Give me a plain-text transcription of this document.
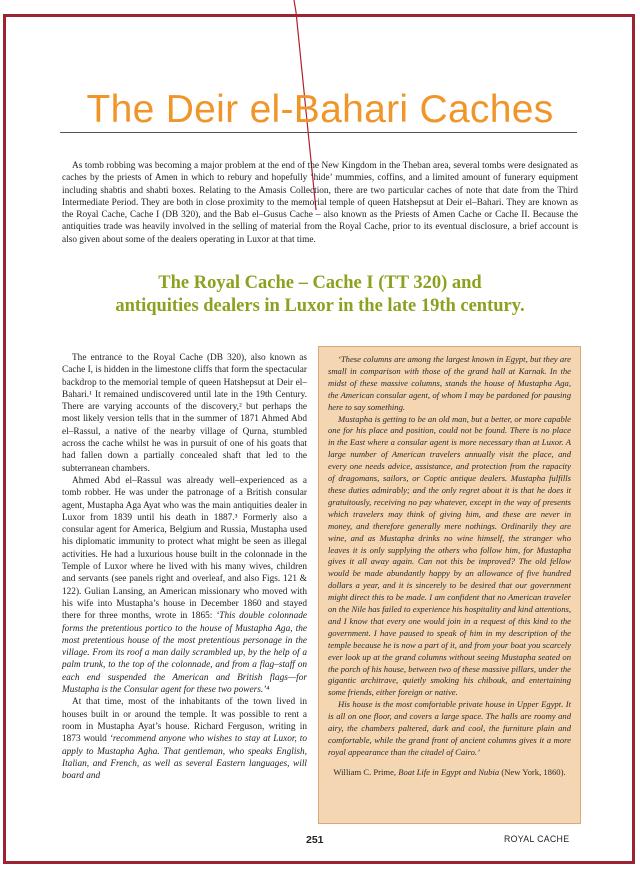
The Deir el-Bahari Caches

As tomb robbing was becoming a major problem at the end of the New Kingdom in the Theban area, several tombs were designated as caches by the priests of Amen in which to rebury and hopefully ‘hide’ mummies, coffins, and a limited amount of funerary equipment including shabtis and shabti boxes. Relating to the Amasis Collection, there are two particular caches of note that date from the Third Intermediate Period. They are both in close proximity to the memorial temple of queen Hatshepsut at Deir el–Bahari. They are known as the Royal Cache, Cache I (DB 320), and the Bab el–Gusus Cache – also known as the Priests of Amen Cache or Cache II. Because the antiquities trade was heavily involved in the selling of material from the Royal Cache, prior to its eventual disclosure, a brief account is also given about some of the dealers operating in Luxor at that time.

The Royal Cache – Cache I (TT 320) and
antiquities dealers in Luxor in the late 19th century.

The entrance to the Royal Cache (DB 320), also known as Cache I, is hidden in the limestone cliffs that form the spectacular backdrop to the memorial temple of queen Hatshepsut at Deir el–Bahari.¹ It remained undiscovered until late in the 19th Century. There are varying accounts of the discovery,² but perhaps the most likely version tells that in the summer of 1871 Ahmed Abd el–Rassul, a native of the nearby village of Qurna, stumbled across the cache whilst he was in pursuit of one of his goats that had fallen down a partially concealed shaft that led to the subterranean chambers.

Ahmed Abd el–Rassul was already well–experienced as a tomb robber. He was under the patronage of a British consular agent, Mustapha Aga Ayat who was the main antiquities dealer in Luxor from 1839 until his death in 1887.³ Formerly also a consular agent for America, Belgium and Russia, Mustapha used his diplomatic immunity to protect what might be seen as illegal activities. He had a luxurious house built in the colonnade in the Temple of Luxor where he lived with his many wives, children and servants (see panels right and overleaf, and also Figs. 121 & 122). Gulian Lansing, an American missionary who moved with his wife into Mustapha’s house in December 1860 and stayed there for three months, wrote in 1865: ‘This double colonnade forms the pretentious portico to the house of Mustapha Aga, the most pretentious house of the most pretentious personage in the village. From its roof a man daily scrambled up, by the help of a palm trunk, to the top of the colonnade, and from a flag–staff on each end suspended the American and British flags—for Mustapha is the Consular agent for these two powers.’⁴

At that time, most of the inhabitants of the town lived in houses built in or around the temple. It was possible to rent a room in Mustapha Ayat’s house. Richard Ferguson, writing in 1873 would ‘recommend anyone who wishes to stay at Luxor, to apply to Mustapha Agha. That gentleman, who speaks English, Italian, and French, as well as several Eastern languages, will board and

‘These columns are among the largest known in Egypt, but they are small in comparison with those of the grand hall at Karnak. In the midst of these massive columns, stands the house of Mustapha Aga, the American consular agent, of whom I may be pardoned for pausing here to say something.

Mustapha is getting to be an old man, but a better, or more capable one for his place and position, could not be found. There is no place in the East where a consular agent is more necessary than at Luxor. A large number of American travelers annually visit the place, and every one needs advice, assistance, and protection from the rapacity of dragomans, sailors, or Coptic antique dealers. Mustapha fulfills these duties admirably; and the only regret about it is that he does it gratuitously, receiving no pay whatever, except in the way of presents which travelers may think of giving him, and these are never in money, and therefore generally mere nothings. Ordinarily they are wine, and as Mustapha drinks no wine himself, the stranger who leaves it is only supplying the others who follow him, for Mustapha gives it all away again. Can not this be improved? The old fellow would be made abundantly happy by an allowance of five hundred dollars a year, and it is sincerely to be desired that our government might direct this to be made. I am confident that no American traveler on the Nile has failed to experience his hospitality and kind attentions, and I know that every one would join in a request of this kind to the government. I have paused to speak of him in my description of the temple because he is now a part of it, and from your boat you scarcely ever look up at the grand columns without seeing Mustapha seated on the porch of his house, between two of these massive pillars, under the gigantic architrave, quietly smoking his chibouk, and entertaining some friends, either foreign or native.

His house is the most comfortable private house in Upper Egypt. It is all on one floor, and covers a large space. The halls are roomy and airy, the chambers paltered, dark and cool, the furniture plain and comfortable, while the grand front of ancient columns gives it a more royal appearance than the citadel of Cairo.’

William C. Prime, Boat Life in Egypt and Nubia (New York, 1860).

251	ROYAL CACHE
